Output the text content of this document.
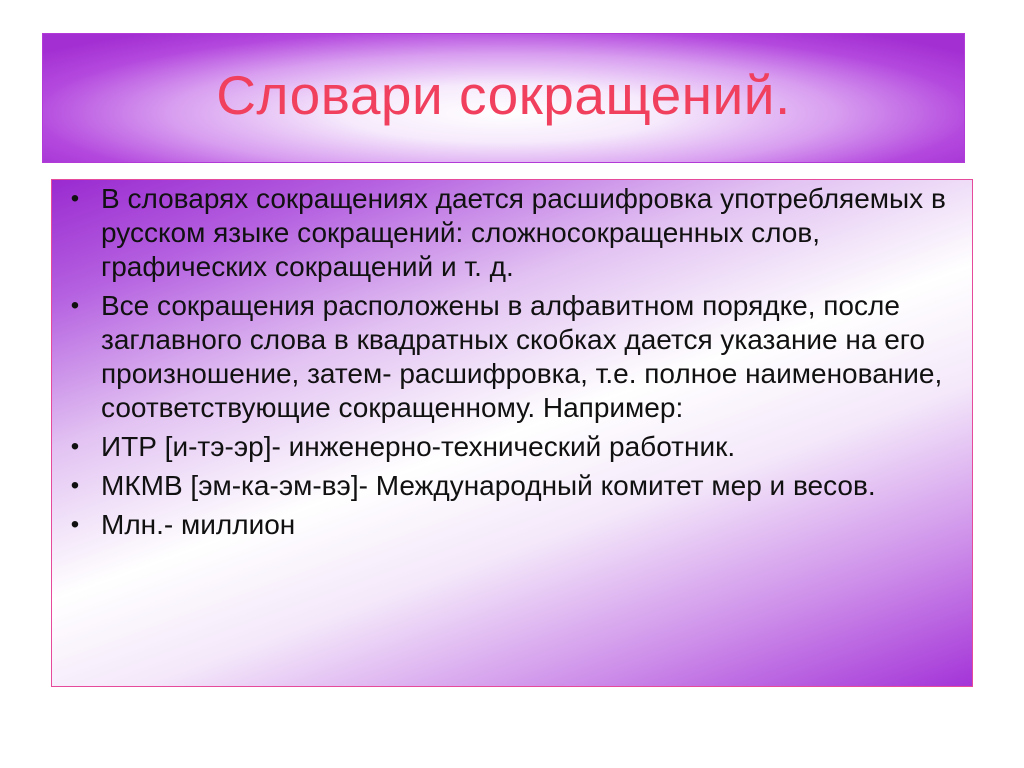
Словари сокращений.
• В словарях сокращениях дается расшифровка употребляемых в русском языке сокращений: сложносокращенных слов, графических сокращений и т. д.
• Все сокращения расположены в алфавитном порядке, после заглавного слова в квадратных скобках дается указание на его произношение, затем- расшифровка, т.е. полное наименование, соответствующие сокращенному. Например:
• ИТР [и-тэ-эр]- инженерно-технический работник.
• МКМВ [эм-ка-эм-вэ]- Международный комитет мер и весов.
• Млн.- миллион
